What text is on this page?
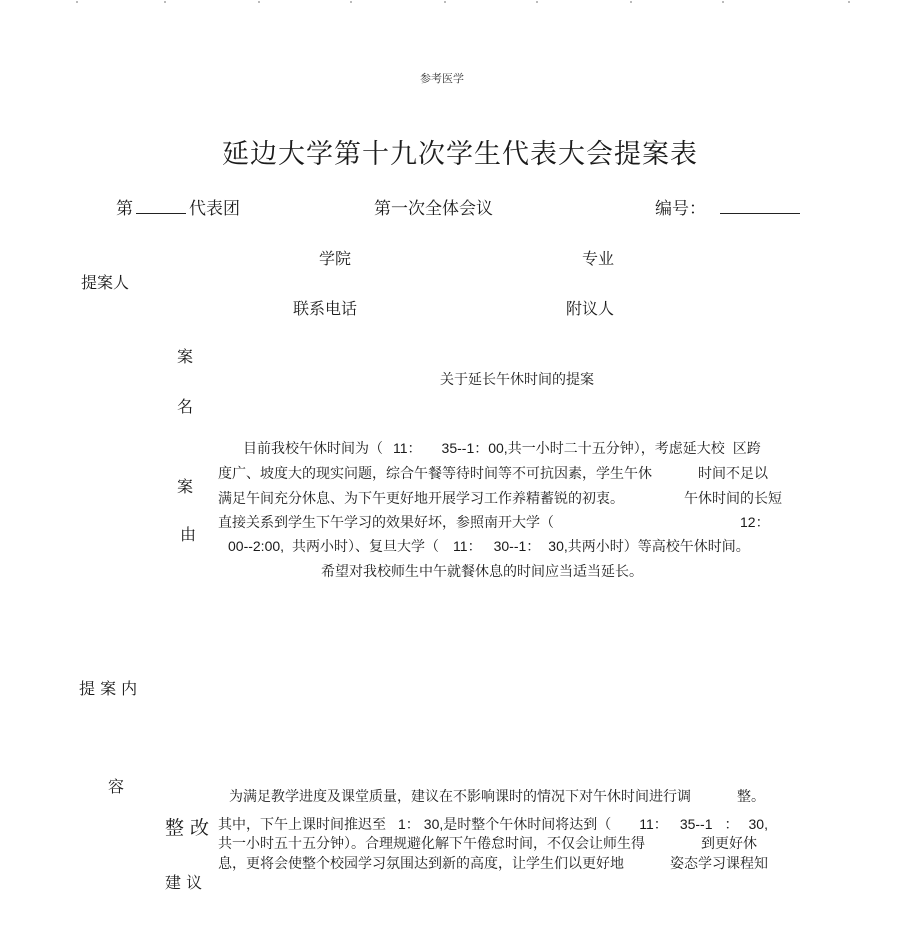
参考医学
延边大学第十九次学生代表大会提案表
第	代表团	第一次全体会议	编号：
学院	专业
提案人
联系电话	附议人
案
名
关于延长午休时间的提案
案
由
目前我校午休时间为（ 11： 35--1：00,共一小时二十五分钟），考虑延大校 区跨
度广、坡度大的现实问题，综合午餐等待时间等不可抗因素，学生午休	时间不足以
满足午间充分休息、为下午更好地开展学习工作养精蓄锐的初衷。	午休时间的长短
直接关系到学生下午学习的效果好坏，参照南开大学（	12：
00--2:00, 共两小时）、复旦大学（ 11： 30--1： 30,共两小时）等高校午休时间。
希望对我校师生中午就餐休息的时间应当适当延长。
提 案 内
容
整 改
建 议
为满足教学进度及课堂质量，建议在不影响课时的情况下对午休时间进行调	整。
其中，下午上课时间推迟至 1： 30,是时整个午休时间将达到（ 11： 35--1 ： 30,
共一小时五十五分钟）。合理规避化解下午倦怠时间，不仅会让师生得	到更好休
息，更将会使整个校园学习氛围达到新的高度，让学生们以更好地	姿态学习课程知
